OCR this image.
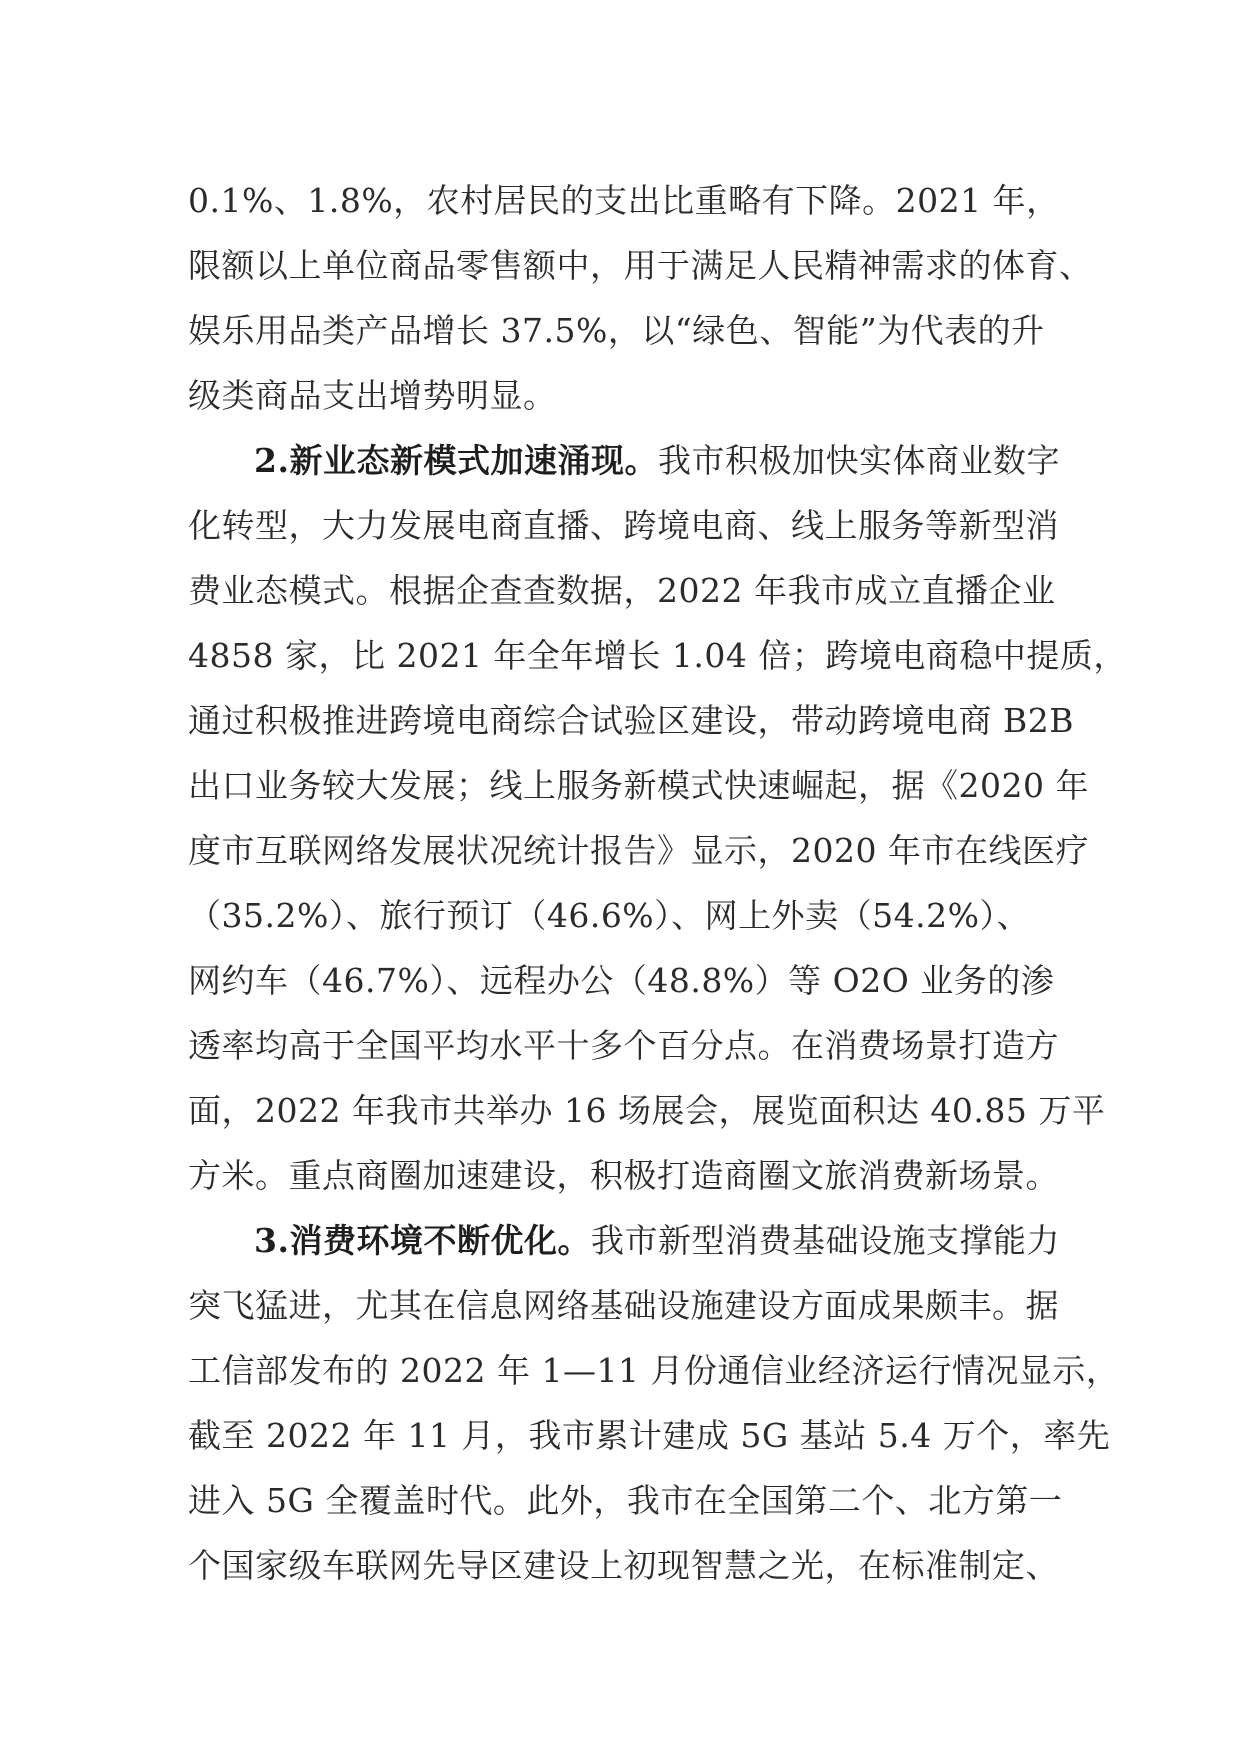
0.1%、1.8%，农村居民的支出比重略有下降。2021 年，
限额以上单位商品零售额中，用于满足人民精神需求的体育、
娱乐用品类产品增长 37.5%，以“绿色、智能”为代表的升
级类商品支出增势明显。
2.新业态新模式加速涌现。我市积极加快实体商业数字
化转型，大力发展电商直播、跨境电商、线上服务等新型消
费业态模式。根据企查查数据，2022 年我市成立直播企业
4858 家，比 2021 年全年增长 1.04 倍；跨境电商稳中提质，
通过积极推进跨境电商综合试验区建设，带动跨境电商 B2B
出口业务较大发展；线上服务新模式快速崛起，据《2020 年
度市互联网络发展状况统计报告》显示，2020 年市在线医疗
（35.2%）、旅行预订（46.6%）、网上外卖（54.2%）、
网约车（46.7%）、远程办公（48.8%）等 O2O 业务的渗
透率均高于全国平均水平十多个百分点。在消费场景打造方
面，2022 年我市共举办 16 场展会，展览面积达 40.85 万平
方米。重点商圈加速建设，积极打造商圈文旅消费新场景。
3.消费环境不断优化。我市新型消费基础设施支撑能力
突飞猛进，尤其在信息网络基础设施建设方面成果颇丰。据
工信部发布的 2022 年 1—11 月份通信业经济运行情况显示，
截至 2022 年 11 月，我市累计建成 5G 基站 5.4 万个，率先
进入 5G 全覆盖时代。此外，我市在全国第二个、北方第一
个国家级车联网先导区建设上初现智慧之光，在标准制定、
